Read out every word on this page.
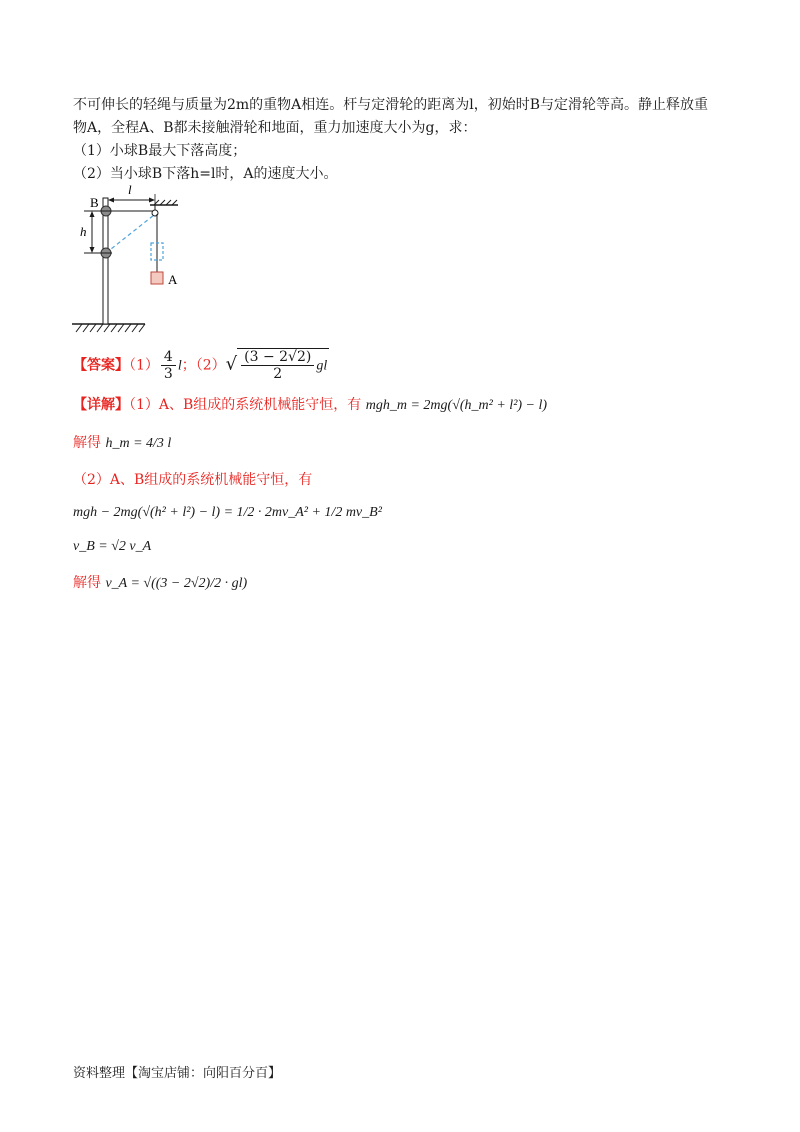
不可伸长的轻绳与质量为2m的重物A相连。杆与定滑轮的距离为l，初始时B与定滑轮等高。静止释放重
物A，全程A、B都未接触滑轮和地面，重力加速度大小为g，求：
（1）小球B最大下落高度；
（2）当小球B下落h=l时，A的速度大小。
l
B
h
A
【答案】$(1) \frac{4}{3}$ l；$(2)√ \frac{(3 - 2√2)}{2}$ gl
【详解】（1）A、B组成的系统机械能守恒，有 mgh_m = 2mg(√(h_m² + l²) − l)
解得 h_m = 4/3 l
（2）A、B组成的系统机械能守恒，有
mgh − 2mg(√(h² + l²) − l) = 1/2 · 2mv_A² + 1/2 mv_B²
v_B = √2 v_A
解得 v_A = √((3 − 2√2)/2 · gl)
资料整理【淘宝店铺：向阳百分百】
